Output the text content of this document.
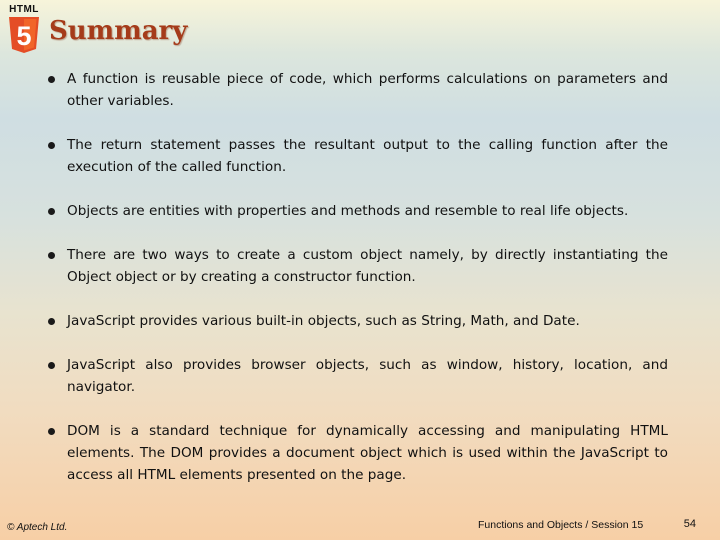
HTML
5 Summary
A function is reusable piece of code, which performs calculations on parameters and other variables.
The return statement passes the resultant output to the calling function after the execution of the called function.
Objects are entities with properties and methods and resemble to real life objects.
There are two ways to create a custom object namely, by directly instantiating the Object object or by creating a constructor function.
JavaScript provides various built-in objects, such as String, Math, and Date.
JavaScript also provides browser objects, such as window, history, location, and navigator.
DOM is a standard technique for dynamically accessing and manipulating HTML elements. The DOM provides a document object which is used within the JavaScript to access all HTML elements presented on the page.
© Aptech Ltd.	Functions and Objects / Session 15	54
